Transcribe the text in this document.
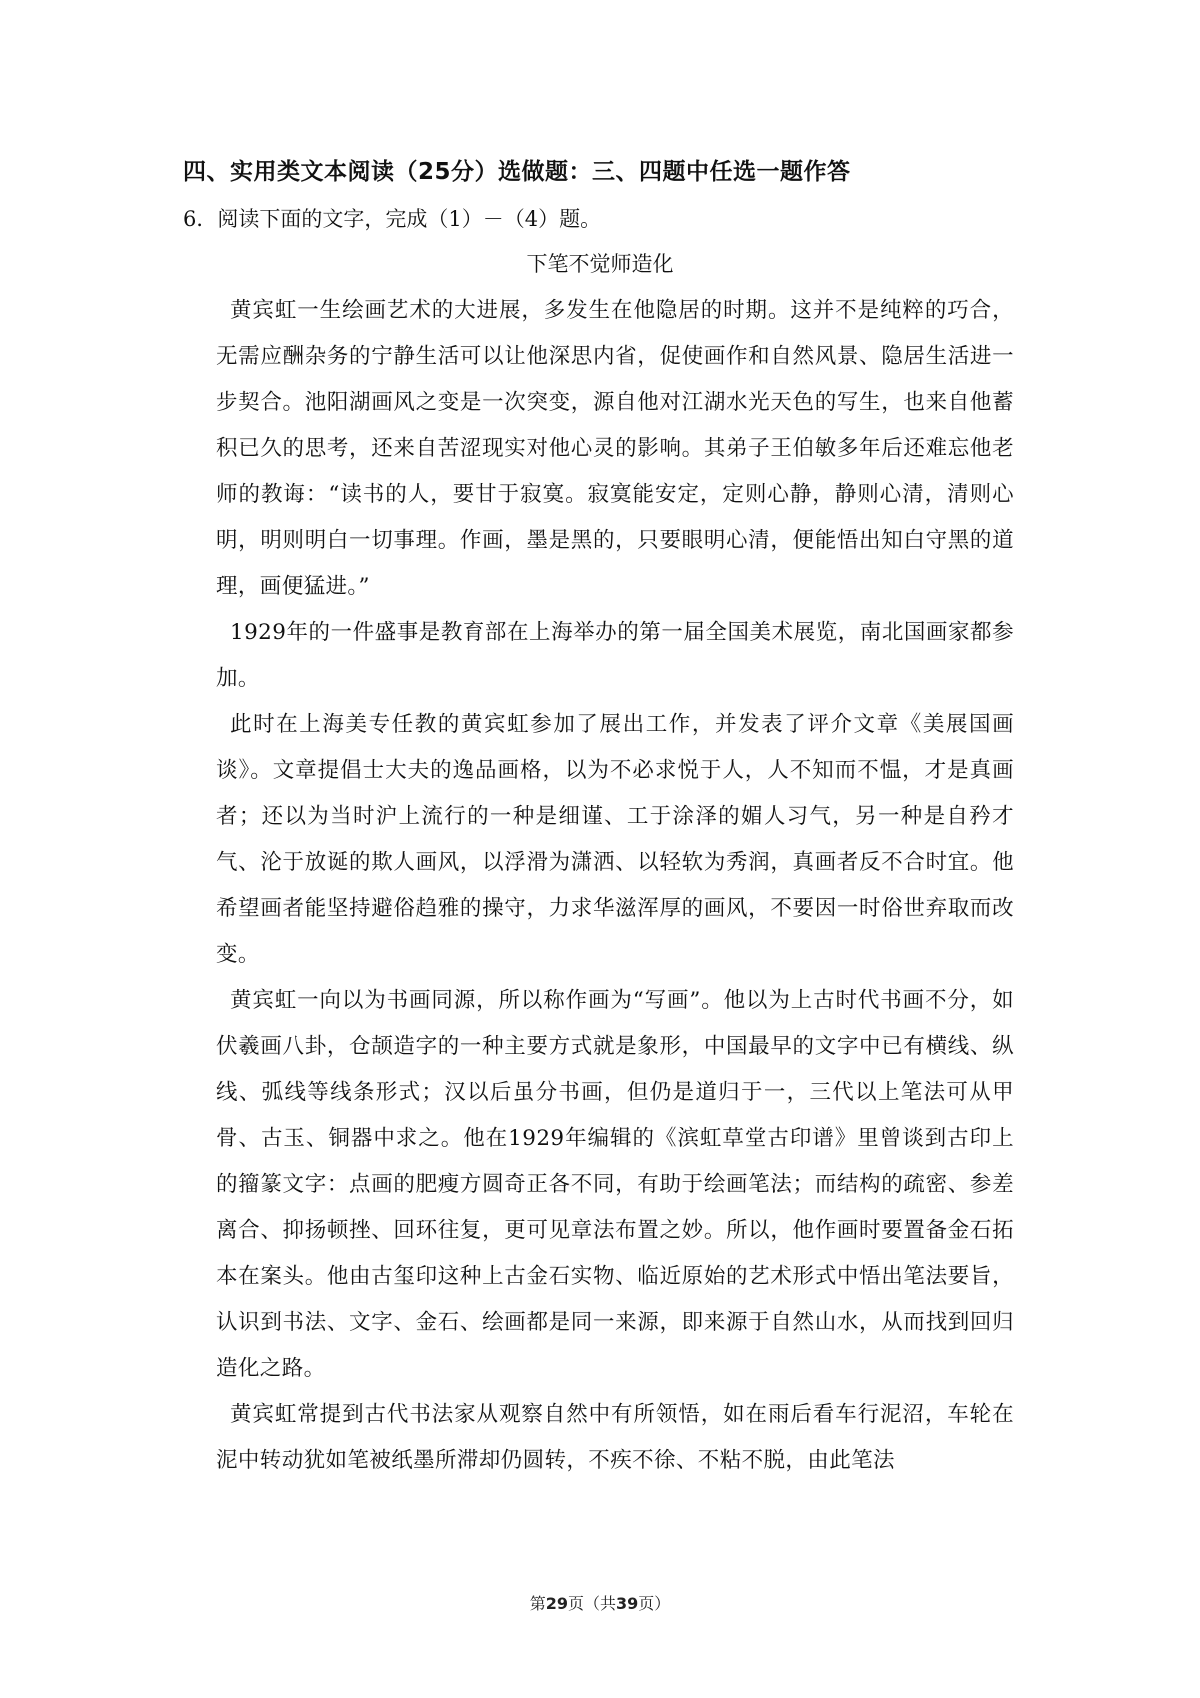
四、实用类文本阅读（25分）选做题：三、四题中任选一题作答
6．阅读下面的文字，完成（1）－（4）题。
下笔不觉师造化

黄宾虹一生绘画艺术的大进展，多发生在他隐居的时期。这并不是纯粹的巧合，无需应酬杂务的宁静生活可以让他深思内省，促使画作和自然风景、隐居生活进一步契合。池阳湖画风之变是一次突变，源自他对江湖水光天色的写生，也来自他蓄积已久的思考，还来自苦涩现实对他心灵的影响。其弟子王伯敏多年后还难忘他老师的教诲：“读书的人，要甘于寂寞。寂寞能安定，定则心静，静则心清，清则心明，明则明白一切事理。作画，墨是黑的，只要眼明心清，便能悟出知白守黑的道理，画便猛进。”

1929年的一件盛事是教育部在上海举办的第一届全国美术展览，南北国画家都参加。

此时在上海美专任教的黄宾虹参加了展出工作，并发表了评介文章《美展国画谈》。文章提倡士大夫的逸品画格，以为不必求悦于人，人不知而不愠，才是真画者；还以为当时沪上流行的一种是细谨、工于涂泽的媚人习气，另一种是自矜才气、沦于放诞的欺人画风，以浮滑为潇洒、以轻软为秀润，真画者反不合时宜。他希望画者能坚持避俗趋雅的操守，力求华滋浑厚的画风，不要因一时俗世弃取而改变。

黄宾虹一向以为书画同源，所以称作画为“写画”。他以为上古时代书画不分，如伏羲画八卦，仓颉造字的一种主要方式就是象形，中国最早的文字中已有横线、纵线、弧线等线条形式；汉以后虽分书画，但仍是道归于一，三代以上笔法可从甲骨、古玉、铜器中求之。他在1929年编辑的《滨虹草堂古印谱》里曾谈到古印上的籀篆文字：点画的肥瘦方圆奇正各不同，有助于绘画笔法；而结构的疏密、参差离合、抑扬顿挫、回环往复，更可见章法布置之妙。所以，他作画时要置备金石拓本在案头。他由古玺印这种上古金石实物、临近原始的艺术形式中悟出笔法要旨，认识到书法、文字、金石、绘画都是同一来源，即来源于自然山水，从而找到回归造化之路。

黄宾虹常提到古代书法家从观察自然中有所领悟，如在雨后看车行泥沼，车轮在泥中转动犹如笔被纸墨所滞却仍圆转，不疾不徐、不粘不脱，由此笔法

第29页（共39页）
